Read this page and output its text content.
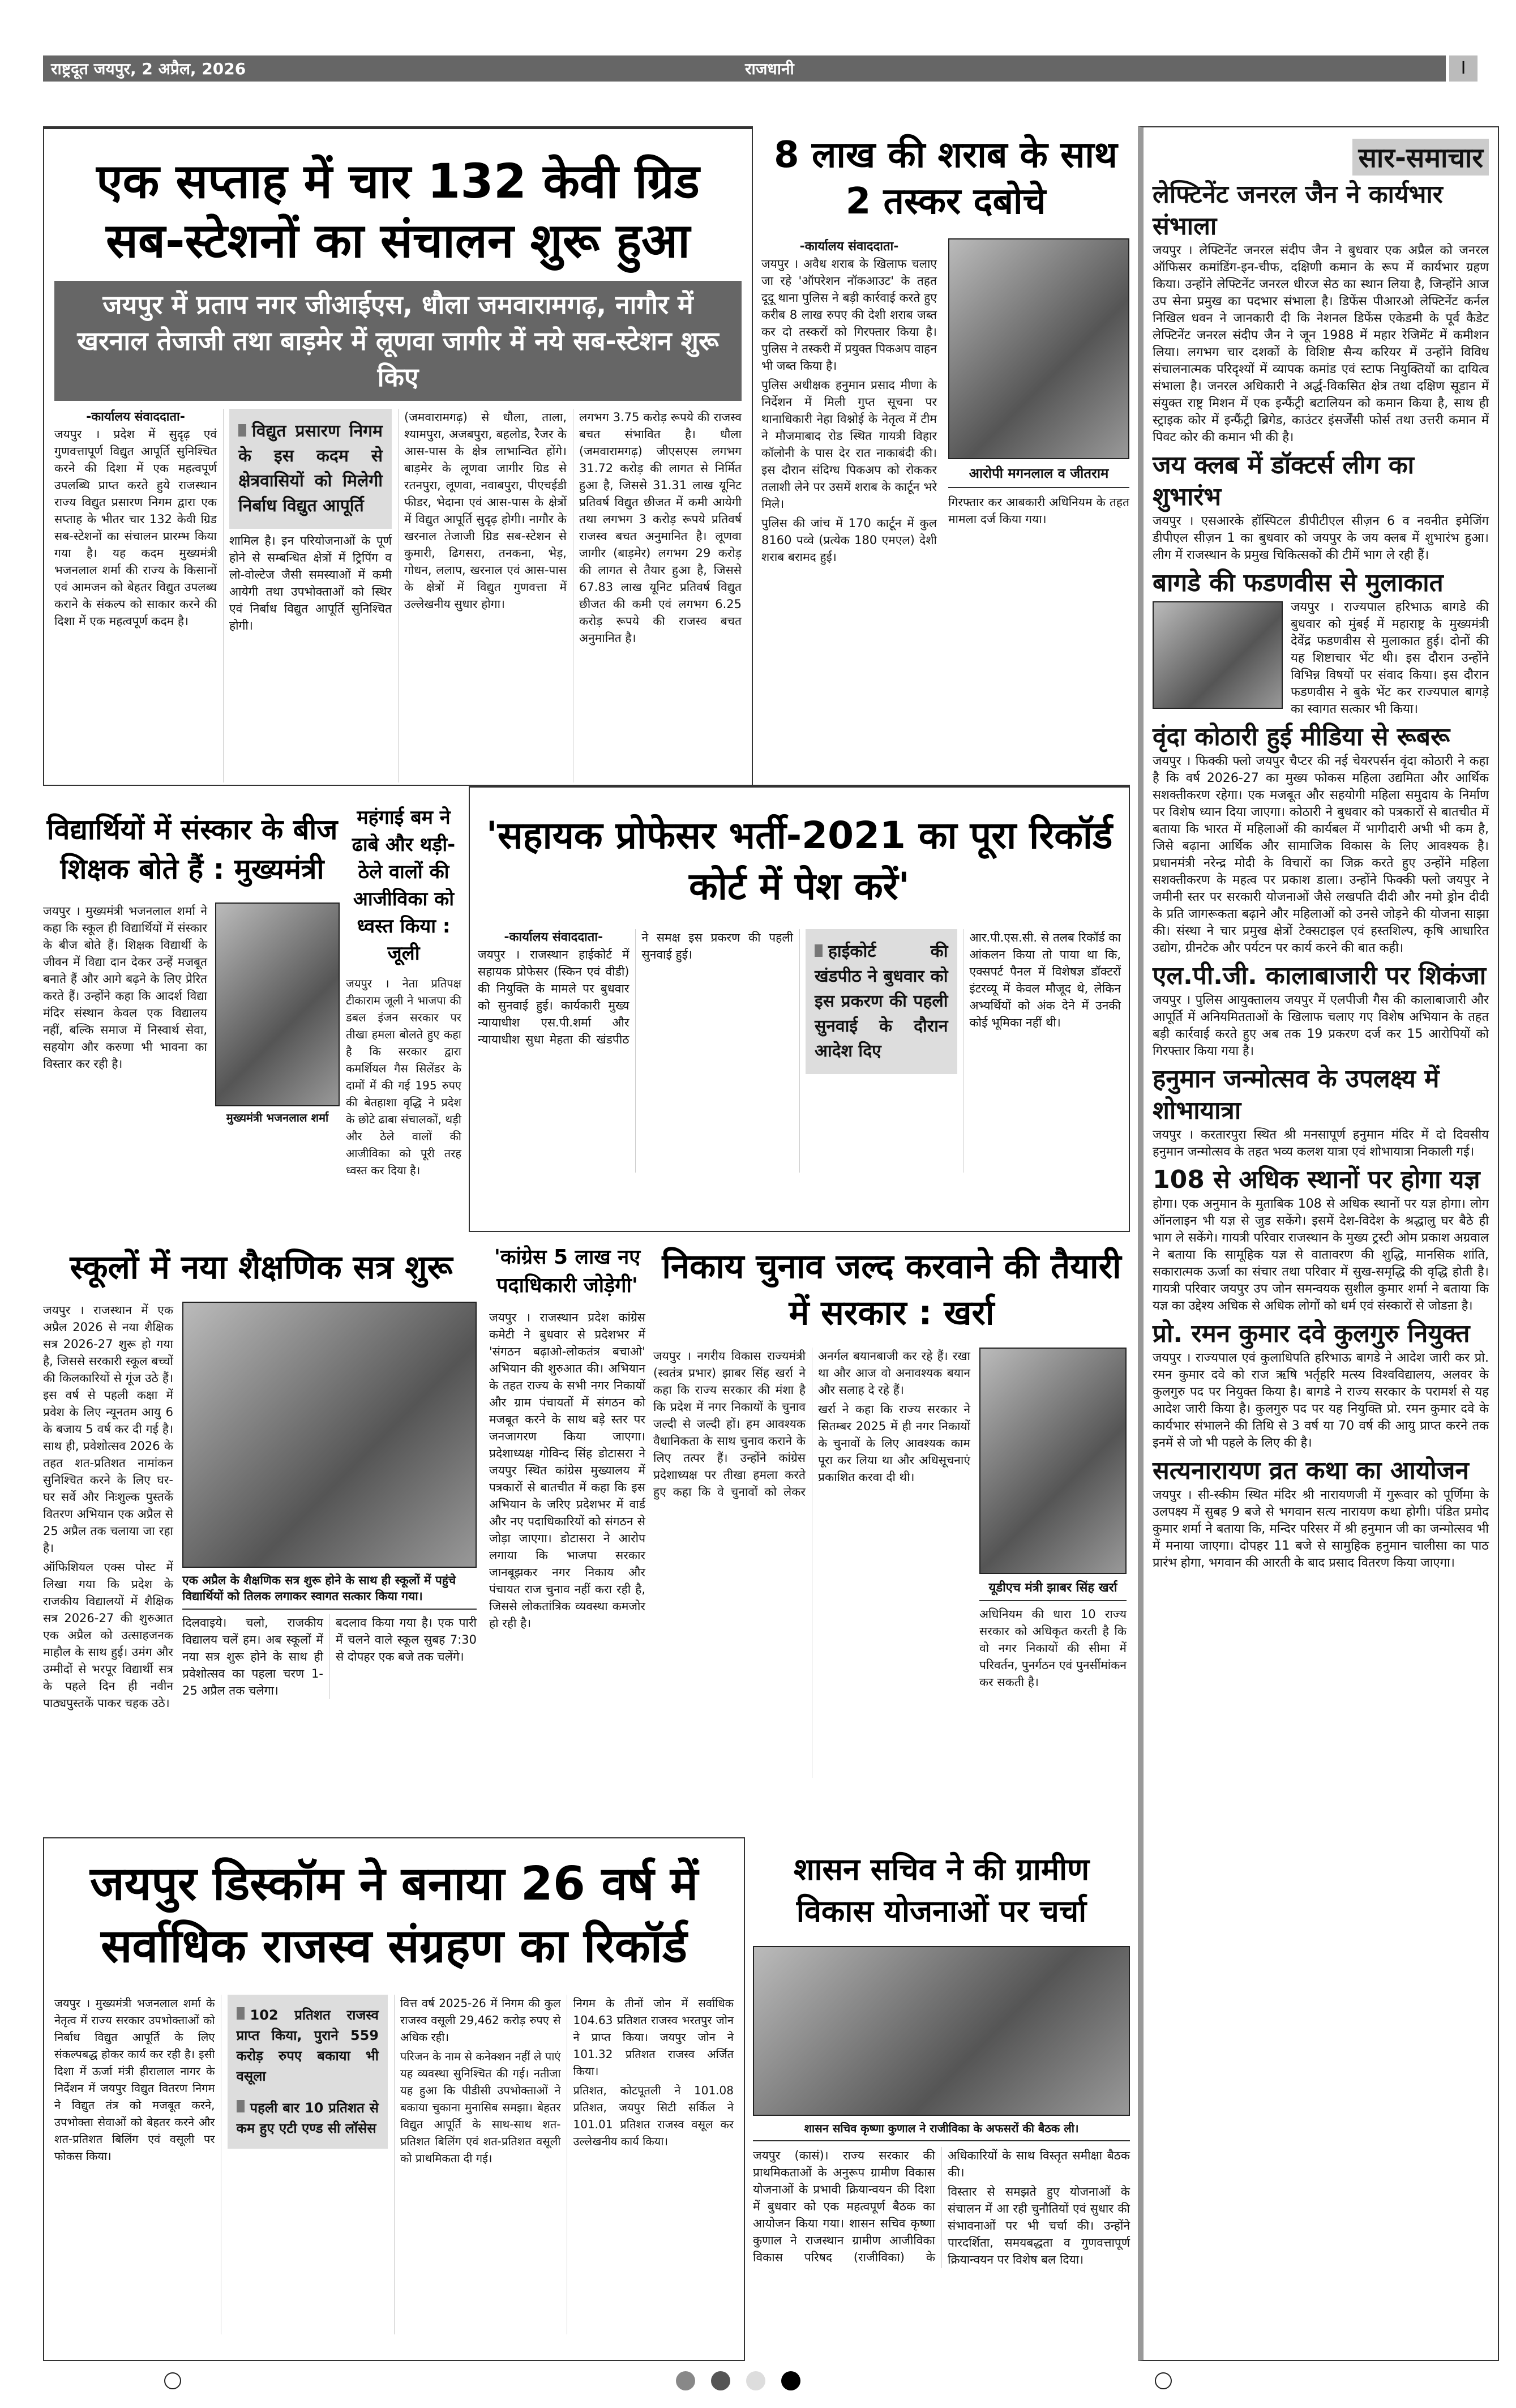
राष्ट्रदूत जयपुर, 2 अप्रैल, 2026	राजधानी	I
एक सप्ताह में चार 132 केवी ग्रिड सब-स्टेशनों का संचालन शुरू हुआ
जयपुर में प्रताप नगर जीआईएस, धौला जमवारामगढ़, नागौर में खरनाल तेजाजी तथा बाड़मेर में लूणवा जागीर में नये सब-स्टेशन शुरू किए
-कार्यालय संवाददाता-

जयपुर । प्रदेश में सुदृढ़ एवं गुणवत्तापूर्ण विद्युत आपूर्ति सुनिश्चित करने की दिशा में एक महत्वपूर्ण उपलब्धि प्राप्त करते हुये राजस्थान राज्य विद्युत प्रसारण निगम द्वारा एक सप्ताह के भीतर चार 132 केवी ग्रिड सब-स्टेशनों का संचालन प्रारम्भ किया गया है। यह कदम मुख्यमंत्री भजनलाल शर्मा की राज्य के किसानों एवं आमजन को बेहतर विद्युत उपलब्ध कराने के संकल्प को साकार करने की दिशा में एक महत्वपूर्ण कदम है।

विद्युत प्रसारण निगम के इस कदम से क्षेत्रवासियों को मिलेगी निर्बाध विद्युत आपूर्ति

शामिल है। इन परियोजनाओं के पूर्ण होने से सम्बन्धित क्षेत्रों में ट्रिपिंग व लो-वोल्टेज जैसी समस्याओं में कमी आयेगी तथा उपभोक्ताओं को स्थिर एवं निर्बाध विद्युत आपूर्ति सुनिश्चित होगी।

(जमवारामगढ़) से धौला, ताला, श्यामपुरा, अजबपुरा, बहलोड, रैजर के आस-पास के क्षेत्र लाभान्वित होंगे। बाड़मेर के लूणवा जागीर ग्रिड से रतनपुरा, लूणवा, नवाबपुरा, पीएचईडी फीडर, भेदाना एवं आस-पास के क्षेत्रों में विद्युत आपूर्ति सुदृढ़ होगी। नागौर के खरनाल तेजाजी ग्रिड सब-स्टेशन से कुमारी, ढिगसरा, तनकना, भेड़, गोधन, ललाप, खरनाल एवं आस-पास के क्षेत्रों में विद्युत गुणवत्ता में उल्लेखनीय सुधार होगा।

लगभग 3.75 करोड़ रूपये की राजस्व बचत संभावित है। धौला (जमवारामगढ़) जीएसएस लगभग 31.72 करोड़ की लागत से निर्मित हुआ है, जिससे 31.31 लाख यूनिट प्रतिवर्ष विद्युत छीजत में कमी आयेगी तथा लगभग 3 करोड़ रूपये प्रतिवर्ष राजस्व बचत अनुमानित है। लूणवा जागीर (बाड़मेर) लगभग 29 करोड़ की लागत से तैयार हुआ है, जिससे 67.83 लाख यूनिट प्रतिवर्ष विद्युत छीजत की कमी एवं लगभग 6.25 करोड़ रूपये की राजस्व बचत अनुमानित है।

8 लाख की शराब के साथ 2 तस्कर दबोचे
-कार्यालय संवाददाता-

जयपुर । अवैध शराब के खिलाफ चलाए जा रहे 'ऑपरेशन नॉकआउट' के तहत दूदू थाना पुलिस ने बड़ी कार्रवाई करते हुए करीब 8 लाख रुपए की देशी शराब जब्त कर दो तस्करों को गिरफ्तार किया है। पुलिस ने तस्करी में प्रयुक्त पिकअप वाहन भी जब्त किया है।

पुलिस अधीक्षक हनुमान प्रसाद मीणा के निर्देशन में मिली गुप्त सूचना पर थानाधिकारी नेहा विश्नोई के नेतृत्व में टीम ने मौजमाबाद रोड स्थित गायत्री विहार कॉलोनी के पास देर रात नाकाबंदी की। इस दौरान संदिग्ध पिकअप को रोककर तलाशी लेने पर उसमें शराब के कार्टून भरे मिले।

पुलिस की जांच में 170 कार्टून में कुल 8160 पव्वे (प्रत्येक 180 एमएल) देशी शराब बरामद हुई।

आरोपी मगनलाल व जीतराम

गिरफ्तार कर आबकारी अधिनियम के तहत मामला दर्ज किया गया।

विद्यार्थियों में संस्कार के बीज शिक्षक बोते हैं : मुख्यमंत्री

जयपुर । मुख्यमंत्री भजनलाल शर्मा ने कहा कि स्कूल ही विद्यार्थियों में संस्कार के बीज बोते हैं। शिक्षक विद्यार्थी के जीवन में विद्या दान देकर उन्हें मजबूत बनाते हैं और आगे बढ़ने के लिए प्रेरित करते हैं। उन्होंने कहा कि आदर्श विद्या मंदिर संस्थान केवल एक विद्यालय नहीं, बल्कि समाज में निस्वार्थ सेवा, सहयोग और करुणा भी भावना का विस्तार कर रही है।

मुख्यमंत्री भजनलाल शर्मा
महंगाई बम ने ढाबे और थड़ी-ठेले वालों की आजीविका को ध्वस्त किया : जूली

जयपुर । नेता प्रतिपक्ष टीकाराम जूली ने भाजपा की डबल इंजन सरकार पर तीखा हमला बोलते हुए कहा है कि सरकार द्वारा कमर्शियल गैस सिलेंडर के दामों में की गई 195 रुपए की बेतहाशा वृद्धि ने प्रदेश के छोटे ढाबा संचालकों, थड़ी और ठेले वालों की आजीविका को पूरी तरह ध्वस्त कर दिया है।

'सहायक प्रोफेसर भर्ती-2021 का पूरा रिकॉर्ड कोर्ट में पेश करें'
-कार्यालय संवाददाता-

जयपुर । राजस्थान हाईकोर्ट में सहायक प्रोफेसर (स्किन एवं वीडी) की नियुक्ति के मामले पर बुधवार को सुनवाई हुई। कार्यकारी मुख्य न्यायाधीश एस.पी.शर्मा और न्यायाधीश सुधा मेहता की खंडपीठ ने समक्ष इस प्रकरण की पहली सुनवाई हुई।	हाईकोर्ट की खंडपीठ ने बुधवार को इस प्रकरण की पहली सुनवाई के दौरान आदेश दिए

आर.पी.एस.सी. से तलब रिकॉर्ड का आंकलन किया तो पाया था कि, एक्सपर्ट पैनल में विशेषज्ञ डॉक्टरों इंटरव्यू में केवल मौजूद थे, लेकिन अभ्यर्थियों को अंक देने में उनकी कोई भूमिका नहीं थी।

स्कूलों में नया शैक्षणिक सत्र शुरू

जयपुर । राजस्थान में एक अप्रैल 2026 से नया शैक्षिक सत्र 2026-27 शुरू हो गया है, जिससे सरकारी स्कूल बच्चों की किलकारियों से गूंज उठे हैं। इस वर्ष से पहली कक्षा में प्रवेश के लिए न्यूनतम आयु 6 के बजाय 5 वर्ष कर दी गई है। साथ ही, प्रवेशोत्सव 2026 के तहत शत-प्रतिशत नामांकन सुनिश्चित करने के लिए घर-घर सर्वे और निःशुल्क पुस्तकें वितरण अभियान एक अप्रैल से 25 अप्रैल तक चलाया जा रहा है।

ऑफिशियल एक्स पोस्ट में लिखा गया कि प्रदेश के राजकीय विद्यालयों में शैक्षिक सत्र 2026-27 की शुरुआत एक अप्रैल को उत्साहजनक माहौल के साथ हुई। उमंग और उम्मीदों से भरपूर विद्यार्थी सत्र के पहले दिन ही नवीन पाठ्यपुस्तकें पाकर चहक उठे।

एक अप्रैल के शैक्षणिक सत्र शुरू होने के साथ ही स्कूलों में पहुंचे विद्यार्थियों को तिलक लगाकर स्वागत सत्कार किया गया।

दिलवाइये। चलो, राजकीय विद्यालय चलें हम। अब स्कूलों में नया सत्र शुरू होने के साथ ही प्रवेशोत्सव का पहला चरण 1-25 अप्रैल तक चलेगा।

बदलाव किया गया है। एक पारी में चलने वाले स्कूल सुबह 7:30 से दोपहर एक बजे तक चलेंगे।

'कांग्रेस 5 लाख नए पदाधिकारी जोड़ेगी'

जयपुर । राजस्थान प्रदेश कांग्रेस कमेटी ने बुधवार से प्रदेशभर में 'संगठन बढ़ाओ-लोकतंत्र बचाओ' अभियान की शुरुआत की। अभियान के तहत राज्य के सभी नगर निकायों और ग्राम पंचायतों में संगठन को मजबूत करने के साथ बड़े स्तर पर जनजागरण किया जाएगा। प्रदेशाध्यक्ष गोविन्द सिंह डोटासरा ने जयपुर स्थित कांग्रेस मुख्यालय में पत्रकारों से बातचीत में कहा कि इस अभियान के जरिए प्रदेशभर में वार्ड और नए पदाधिकारियों को संगठन से जोड़ा जाएगा। डोटासरा ने आरोप लगाया कि भाजपा सरकार जानबूझकर नगर निकाय और पंचायत राज चुनाव नहीं करा रही है, जिससे लोकतांत्रिक व्यवस्था कमजोर हो रही है।

निकाय चुनाव जल्द करवाने की तैयारी में सरकार : खर्रा

जयपुर । नगरीय विकास राज्यमंत्री (स्वतंत्र प्रभार) झाबर सिंह खर्रा ने कहा कि राज्य सरकार की मंशा है कि प्रदेश में नगर निकायों के चुनाव जल्दी से जल्दी हों। हम आवश्यक वैधानिकता के साथ चुनाव कराने के लिए तत्पर हैं। उन्होंने कांग्रेस प्रदेशाध्यक्ष पर तीखा हमला करते हुए कहा कि वे चुनावों को लेकर अनर्गल बयानबाजी कर रहे हैं। रखा था और आज वो अनावश्यक बयान और सलाह दे रहे हैं।

खर्रा ने कहा कि राज्य सरकार ने सितम्बर 2025 में ही नगर निकायों के चुनावों के लिए आवश्यक काम पूरा कर लिया था और अधिसूचनाएं प्रकाशित करवा दी थी।

यूडीएच मंत्री झाबर सिंह खर्रा

अधिनियम की धारा 10 राज्य सरकार को अधिकृत करती है कि वो नगर निकायों की सीमा में परिवर्तन, पुनर्गठन एवं पुनर्सीमांकन कर सकती है।

जयपुर डिस्कॉम ने बनाया 26 वर्ष में सर्वाधिक राजस्व संग्रहण का रिकॉर्ड

जयपुर । मुख्यमंत्री भजनलाल शर्मा के नेतृत्व में राज्य सरकार उपभोक्ताओं को निर्बाध विद्युत आपूर्ति के लिए संकल्पबद्ध होकर कार्य कर रही है। इसी दिशा में ऊर्जा मंत्री हीरालाल नागर के निर्देशन में जयपुर विद्युत वितरण निगम ने विद्युत तंत्र को मजबूत करने, उपभोक्ता सेवाओं को बेहतर करने और शत-प्रतिशत बिलिंग एवं वसूली पर फोकस किया।

102 प्रतिशत राजस्व प्राप्त किया, पुराने 559 करोड़ रुपए बकाया भी वसूला
पहली बार 10 प्रतिशत से कम हुए एटी एण्ड सी लॉसेस

वित्त वर्ष 2025-26 में निगम की कुल राजस्व वसूली 29,462 करोड़ रुपए से अधिक रही।

परिजन के नाम से कनेक्शन नहीं ले पाएं यह व्यवस्था सुनिश्चित की गई। नतीजा यह हुआ कि पीडीसी उपभोक्ताओं ने बकाया चुकाना मुनासिब समझा। बेहतर विद्युत आपूर्ति के साथ-साथ शत-प्रतिशत बिलिंग एवं शत-प्रतिशत वसूली को प्राथमिकता दी गई।

निगम के तीनों जोन में सर्वाधिक 104.63 प्रतिशत राजस्व भरतपुर जोन ने प्राप्त किया। जयपुर जोन ने 101.32 प्रतिशत राजस्व अर्जित किया।

प्रतिशत, कोटपूतली ने 101.08 प्रतिशत, जयपुर सिटी सर्किल ने 101.01 प्रतिशत राजस्व वसूल कर उल्लेखनीय कार्य किया।

शासन सचिव ने की ग्रामीण विकास योजनाओं पर चर्चा
शासन सचिव कृष्णा कुणाल ने राजीविका के अफसरों की बैठक ली।

जयपुर (कासं)। राज्य सरकार की प्राथमिकताओं के अनुरूप ग्रामीण विकास योजनाओं के प्रभावी क्रियान्वयन की दिशा में बुधवार को एक महत्वपूर्ण बैठक का आयोजन किया गया। शासन सचिव कृष्णा कुणाल ने राजस्थान ग्रामीण आजीविका विकास परिषद (राजीविका) के अधिकारियों के साथ विस्तृत समीक्षा बैठक की।

विस्तार से समझते हुए योजनाओं के संचालन में आ रही चुनौतियों एवं सुधार की संभावनाओं पर भी चर्चा की। उन्होंने पारदर्शिता, समयबद्धता व गुणवत्तापूर्ण क्रियान्वयन पर विशेष बल दिया।

सार-समाचार
लेफ्टिनेंट जनरल जैन ने कार्यभार संभाला

जयपुर । लेफ्टिनेंट जनरल संदीप जैन ने बुधवार एक अप्रैल को जनरल ऑफिसर कमांडिंग-इन-चीफ, दक्षिणी कमान के रूप में कार्यभार ग्रहण किया। उन्होंने लेफ्टिनेंट जनरल धीरज सेठ का स्थान लिया है, जिन्होंने आज उप सेना प्रमुख का पदभार संभाला है। डिफेंस पीआरओ लेफ्टिनेंट कर्नल निखिल धवन ने जानकारी दी कि नेशनल डिफेंस एकेडमी के पूर्व कैडेट लेफ्टिनेंट जनरल संदीप जैन ने जून 1988 में महार रेजिमेंट में कमीशन लिया। लगभग चार दशकों के विशिष्ट सैन्य करियर में उन्होंने विविध संचालनात्मक परिदृश्यों में व्यापक कमांड एवं स्टाफ नियुक्तियों का दायित्व संभाला है। जनरल अधिकारी ने अर्द्ध-विकसित क्षेत्र तथा दक्षिण सूडान में संयुक्त राष्ट्र मिशन में एक इन्फैंट्री बटालियन को कमान किया है, साथ ही स्ट्राइक कोर में इन्फैंट्री ब्रिगेड, काउंटर इंसर्जेंसी फोर्स तथा उत्तरी कमान में पिवट कोर की कमान भी की है।

जय क्लब में डॉक्टर्स लीग का शुभारंभ

जयपुर । एसआरके हॉस्पिटल डीपीटीएल सीज़न 6 व नवनीत इमेजिंग डीपीएल सीज़न 1 का बुधवार को जयपुर के जय क्लब में शुभारंभ हुआ। लीग में राजस्थान के प्रमुख चिकित्सकों की टीमें भाग ले रही हैं।

बागडे की फडणवीस से मुलाकात

जयपुर । राज्यपाल हरिभाऊ बागडे की बुधवार को मुंबई में महाराष्ट्र के मुख्यमंत्री देवेंद्र फडणवीस से मुलाकात हुई। दोनों की यह शिष्टाचार भेंट थी। इस दौरान उन्होंने विभिन्न विषयों पर संवाद किया। इस दौरान फडणवीस ने बुके भेंट कर राज्यपाल बागड़े का स्वागत सत्कार भी किया।

वृंदा कोठारी हुई मीडिया से रूबरू

जयपुर । फिक्की फ्लो जयपुर चैप्टर की नई चेयरपर्सन वृंदा कोठारी ने कहा है कि वर्ष 2026-27 का मुख्य फोकस महिला उद्यमिता और आर्थिक सशक्तीकरण रहेगा। एक मजबूत और सहयोगी महिला समुदाय के निर्माण पर विशेष ध्यान दिया जाएगा। कोठारी ने बुधवार को पत्रकारों से बातचीत में बताया कि भारत में महिलाओं की कार्यबल में भागीदारी अभी भी कम है, जिसे बढ़ाना आर्थिक और सामाजिक विकास के लिए आवश्यक है। प्रधानमंत्री नरेन्द्र मोदी के विचारों का जिक्र करते हुए उन्होंने महिला सशक्तीकरण के महत्व पर प्रकाश डाला। उन्होंने फिक्की फ्लो जयपुर ने जमीनी स्तर पर सरकारी योजनाओं जैसे लखपति दीदी और नमो ड्रोन दीदी के प्रति जागरूकता बढ़ाने और महिलाओं को उनसे जोड़ने की योजना साझा की। संस्था ने चार प्रमुख क्षेत्रों टेक्सटाइल एवं हस्तशिल्प, कृषि आधारित उद्योग, ग्रीनटेक और पर्यटन पर कार्य करने की बात कही।

एल.पी.जी. कालाबाजारी पर शिकंजा

जयपुर । पुलिस आयुक्तालय जयपुर में एलपीजी गैस की कालाबाजारी और आपूर्ति में अनियमितताओं के खिलाफ चलाए गए विशेष अभियान के तहत बड़ी कार्रवाई करते हुए अब तक 19 प्रकरण दर्ज कर 15 आरोपियों को गिरफ्तार किया गया है।

हनुमान जन्मोत्सव के उपलक्ष्य में शोभायात्रा

जयपुर । करतारपुरा स्थित श्री मनसापूर्ण हनुमान मंदिर में दो दिवसीय हनुमान जन्मोत्सव के तहत भव्य कलश यात्रा एवं शोभायात्रा निकाली गई।

108 से अधिक स्थानों पर होगा यज्ञ

होगा। एक अनुमान के मुताबिक 108 से अधिक स्थानों पर यज्ञ होगा। लोग ऑनलाइन भी यज्ञ से जुड सकेंगे। इसमें देश-विदेश के श्रद्धालु घर बैठे ही भाग ले सकेंगे। गायत्री परिवार राजस्थान के मुख्य ट्रस्टी ओम प्रकाश अग्रवाल ने बताया कि सामूहिक यज्ञ से वातावरण की शुद्धि, मानसिक शांति, सकारात्मक ऊर्जा का संचार तथा परिवार में सुख-समृद्धि की वृद्धि होती है। गायत्री परिवार जयपुर उप जोन समन्वयक सुशील कुमार शर्मा ने बताया कि यज्ञ का उद्देश्य अधिक से अधिक लोगों को धर्म एवं संस्कारों से जोडऩा है।

प्रो. रमन कुमार दवे कुलगुरु नियुक्त

जयपुर । राज्यपाल एवं कुलाधिपति हरिभाऊ बागडे ने आदेश जारी कर प्रो. रमन कुमार दवे को राज ऋषि भर्तृहरि मत्स्य विश्वविद्यालय, अलवर के कुलगुरु पद पर नियुक्त किया है। बागडे ने राज्य सरकार के परामर्श से यह आदेश जारी किया है। कुलगुरु पद पर यह नियुक्ति प्रो. रमन कुमार दवे के कार्यभार संभालने की तिथि से 3 वर्ष या 70 वर्ष की आयु प्राप्त करने तक इनमें से जो भी पहले के लिए की है।

सत्यनारायण व्रत कथा का आयोजन

जयपुर । सी-स्कीम स्थित मंदिर श्री नारायणजी में गुरूवार को पूर्णिमा के उलपक्ष्य में सुबह 9 बजे से भगवान सत्य नारायण कथा होगी। पंडित प्रमोद कुमार शर्मा ने बताया कि, मन्दिर परिसर में श्री हनुमान जी का जन्मोत्सव भी में मनाया जाएगा। दोपहर 11 बजे से सामुहिक हनुमान चालीसा का पाठ प्रारंभ होगा, भगवान की आरती के बाद प्रसाद वितरण किया जाएगा।
